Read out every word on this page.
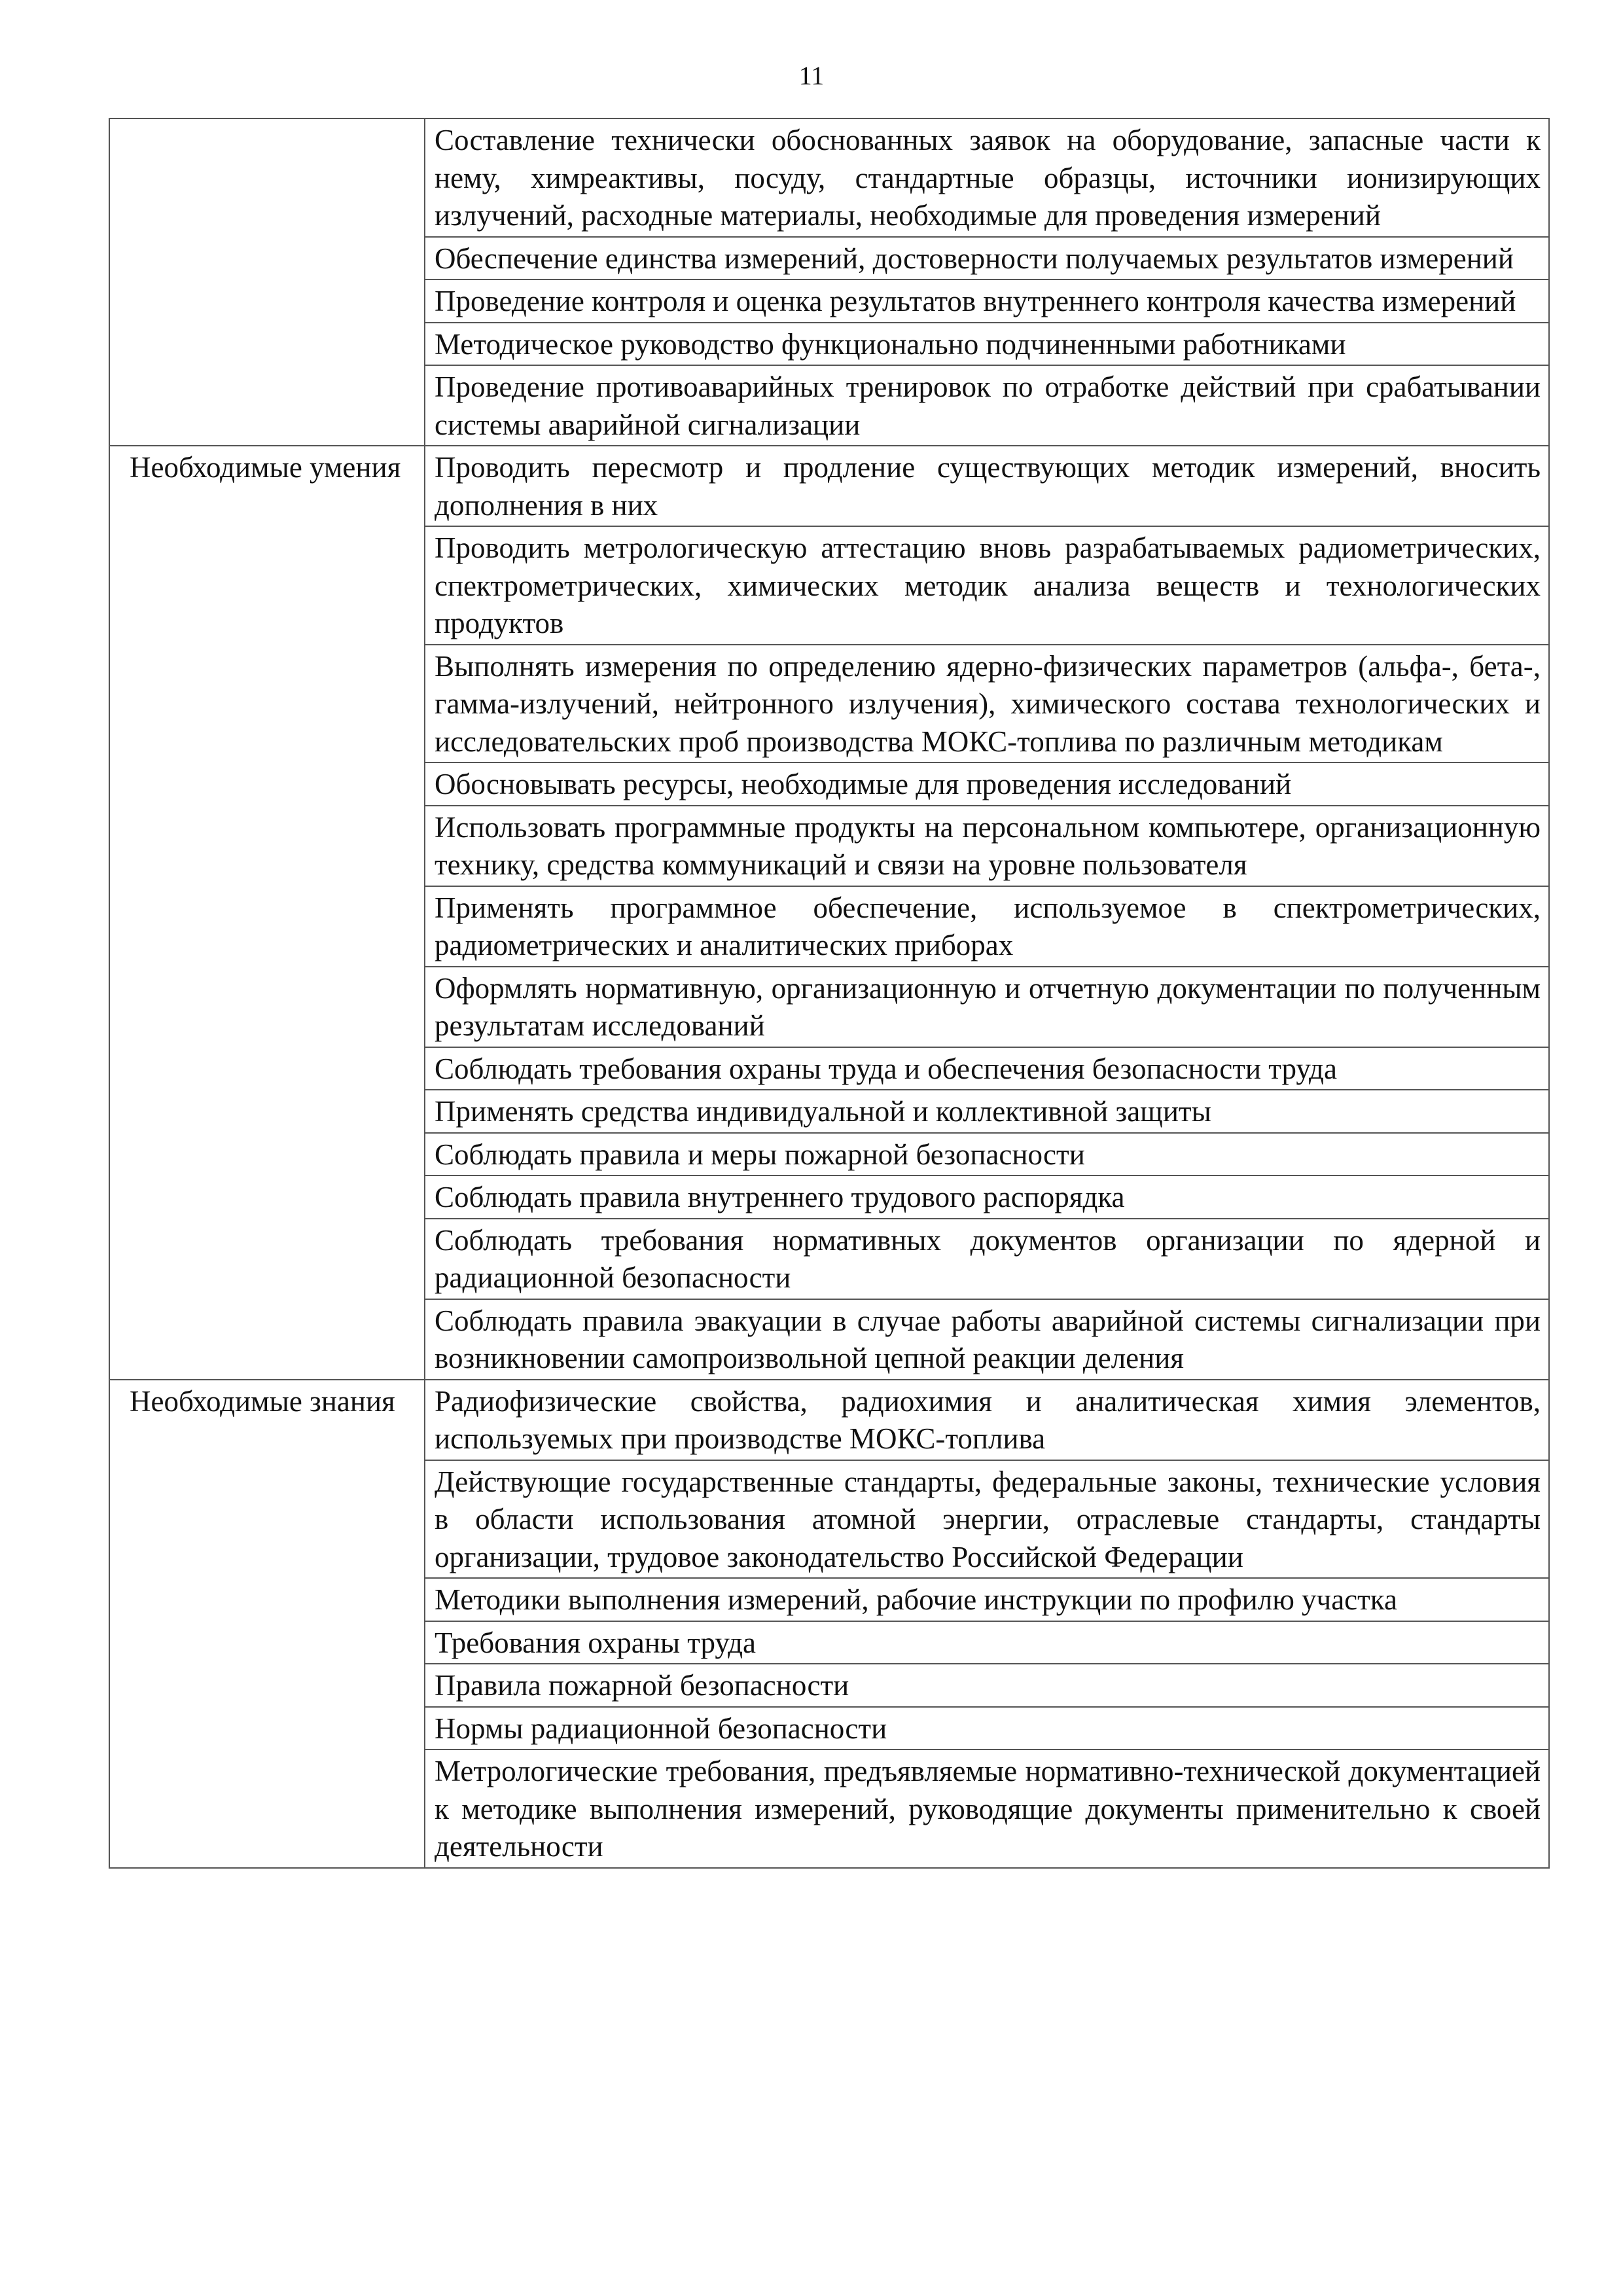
11

	Составление технически обоснованных заявок на оборудование, запасные части к нему, химреактивы, посуду, стандартные образцы, источники ионизирующих излучений, расходные материалы, необходимые для проведения измерений

	Обеспечение единства измерений, достоверности получаемых результатов измерений

	Проведение контроля и оценка результатов внутреннего контроля качества измерений

	Методическое руководство функционально подчиненными работниками

	Проведение противоаварийных тренировок по отработке действий при срабатывании системы аварийной сигнализации

Необходимые умения	Проводить пересмотр и продление существующих методик измерений, вносить дополнения в них

	Проводить метрологическую аттестацию вновь разрабатываемых радиометрических, спектрометрических, химических методик анализа веществ и технологических продуктов

	Выполнять измерения по определению ядерно-физических параметров (альфа-, бета-, гамма-излучений, нейтронного излучения), химического состава технологических и исследовательских проб производства МОКС-топлива по различным методикам

	Обосновывать ресурсы, необходимые для проведения исследований

	Использовать программные продукты на персональном компьютере, организационную технику, средства коммуникаций и связи на уровне пользователя

	Применять программное обеспечение, используемое в спектрометрических, радиометрических и аналитических приборах

	Оформлять нормативную, организационную и отчетную документации по полученным результатам исследований

	Соблюдать требования охраны труда и обеспечения безопасности труда

	Применять средства индивидуальной и коллективной защиты

	Соблюдать правила и меры пожарной безопасности

	Соблюдать правила внутреннего трудового распорядка

	Соблюдать требования нормативных документов организации по ядерной и радиационной безопасности

	Соблюдать правила эвакуации в случае работы аварийной системы сигнализации при возникновении самопроизвольной цепной реакции деления

Необходимые знания	Радиофизические свойства, радиохимия и аналитическая химия элементов, используемых при производстве МОКС-топлива

	Действующие государственные стандарты, федеральные законы, технические условия в области использования атомной энергии, отраслевые стандарты, стандарты организации, трудовое законодательство Российской Федерации

	Методики выполнения измерений, рабочие инструкции по профилю участка

	Требования охраны труда

	Правила пожарной безопасности

	Нормы радиационной безопасности

	Метрологические требования, предъявляемые нормативно-технической документацией к методике выполнения измерений, руководящие документы применительно к своей деятельности
